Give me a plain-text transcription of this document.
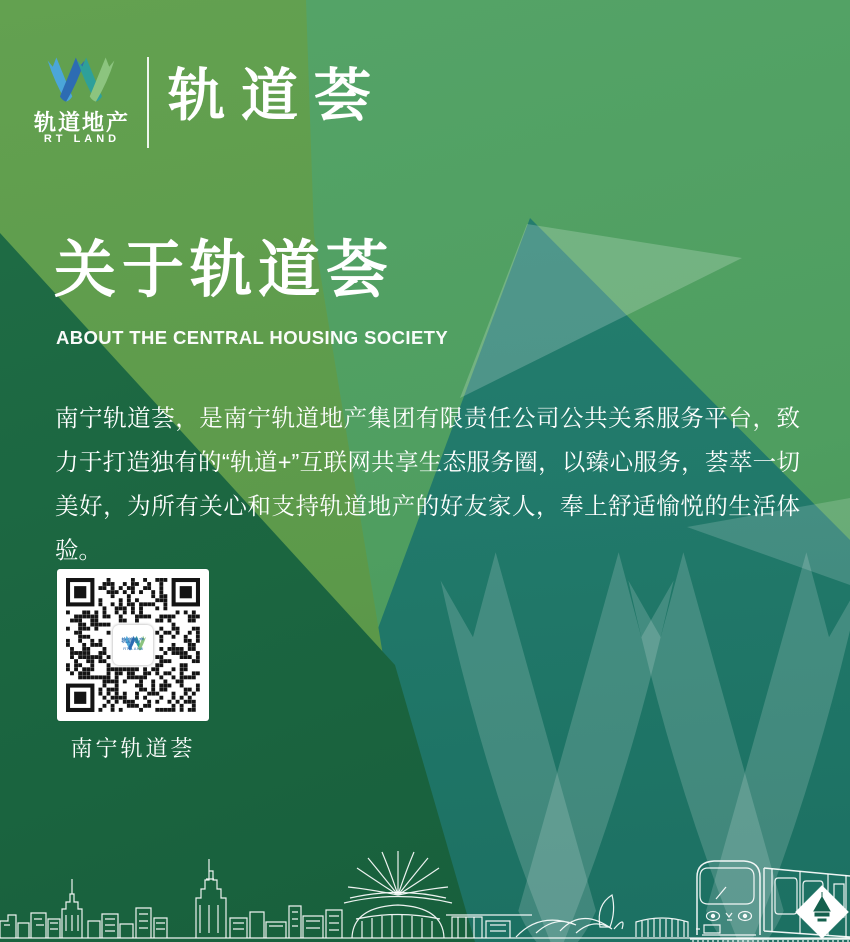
轨道地产
RT LAND
轨道荟
关于轨道荟
ABOUT THE CENTRAL HOUSING SOCIETY

南宁轨道荟，是南宁轨道地产集团有限责任公司公共关系服务平台，致力于打造独有的“轨道+”互联网共享生态服务圈，以臻心服务，荟萃一切美好，为所有关心和支持轨道地产的好友家人，奉上舒适愉悦的生活体验。

轨道地产
RT LAND
南宁轨道荟
